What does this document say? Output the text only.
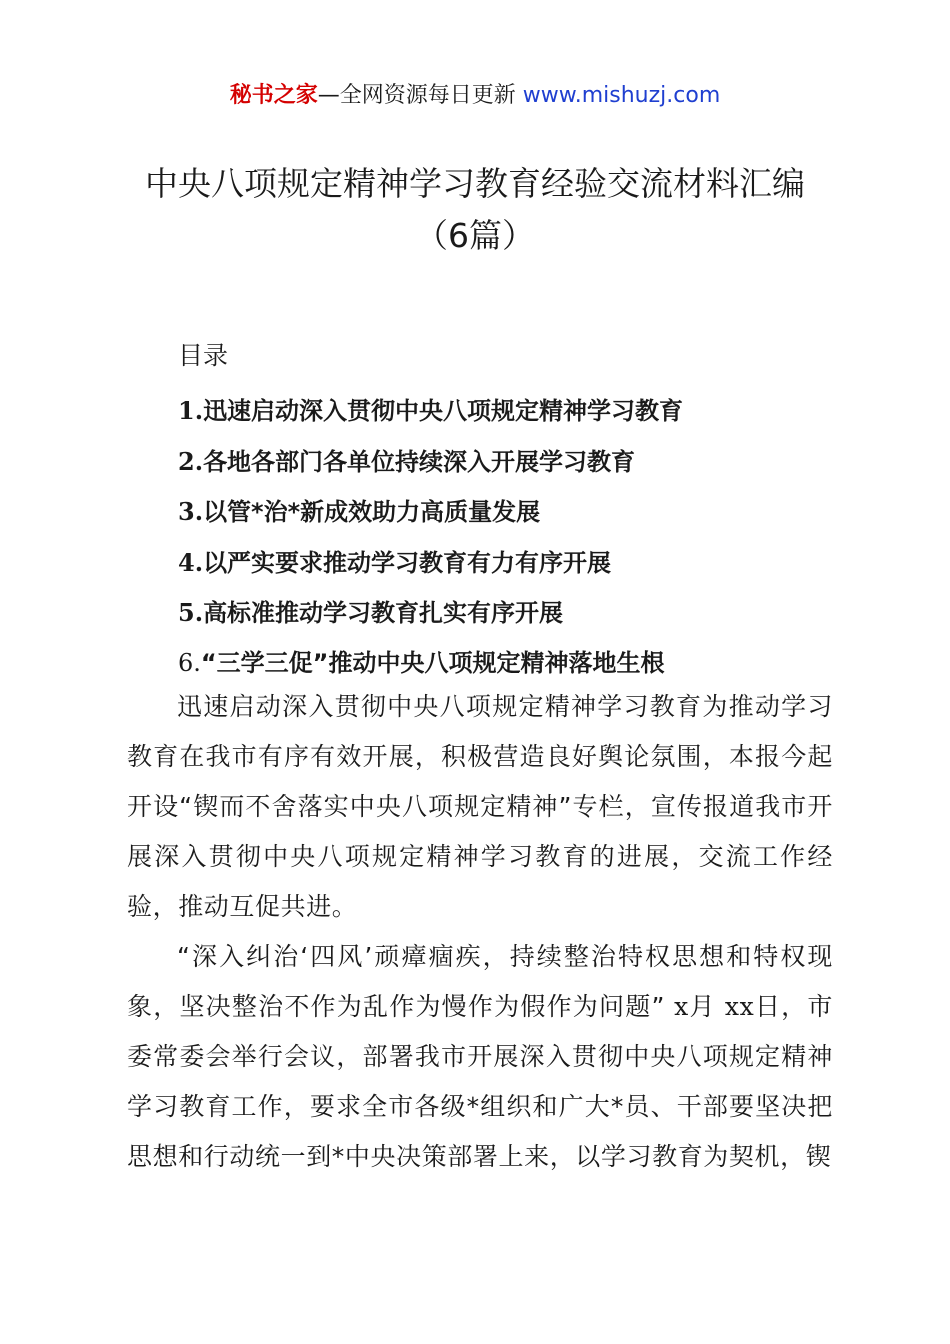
秘书之家—全网资源每日更新 www.mishuzj.com
中央八项规定精神学习教育经验交流材料汇编
（6篇）
目录
1.迅速启动深入贯彻中央八项规定精神学习教育
2.各地各部门各单位持续深入开展学习教育
3.以管*治*新成效助力高质量发展
4.以严实要求推动学习教育有力有序开展
5.高标准推动学习教育扎实有序开展
6.“三学三促”推动中央八项规定精神落地生根

迅速启动深入贯彻中央八项规定精神学习教育为推动学习教育在我市有序有效开展，积极营造良好舆论氛围，本报今起开设“锲而不舍落实中央八项规定精神”专栏，宣传报道我市开展深入贯彻中央八项规定精神学习教育的进展，交流工作经验，推动互促共进。

“深入纠治‘四风’顽瘴痼疾，持续整治特权思想和特权现象，坚决整治不作为乱作为慢作为假作为问题” x月 xx日，市委常委会举行会议，部署我市开展深入贯彻中央八项规定精神学习教育工作，要求全市各级*组织和广大*员、干部要坚决把思想和行动统一到*中央决策部署上来，以学习教育为契机，锲
